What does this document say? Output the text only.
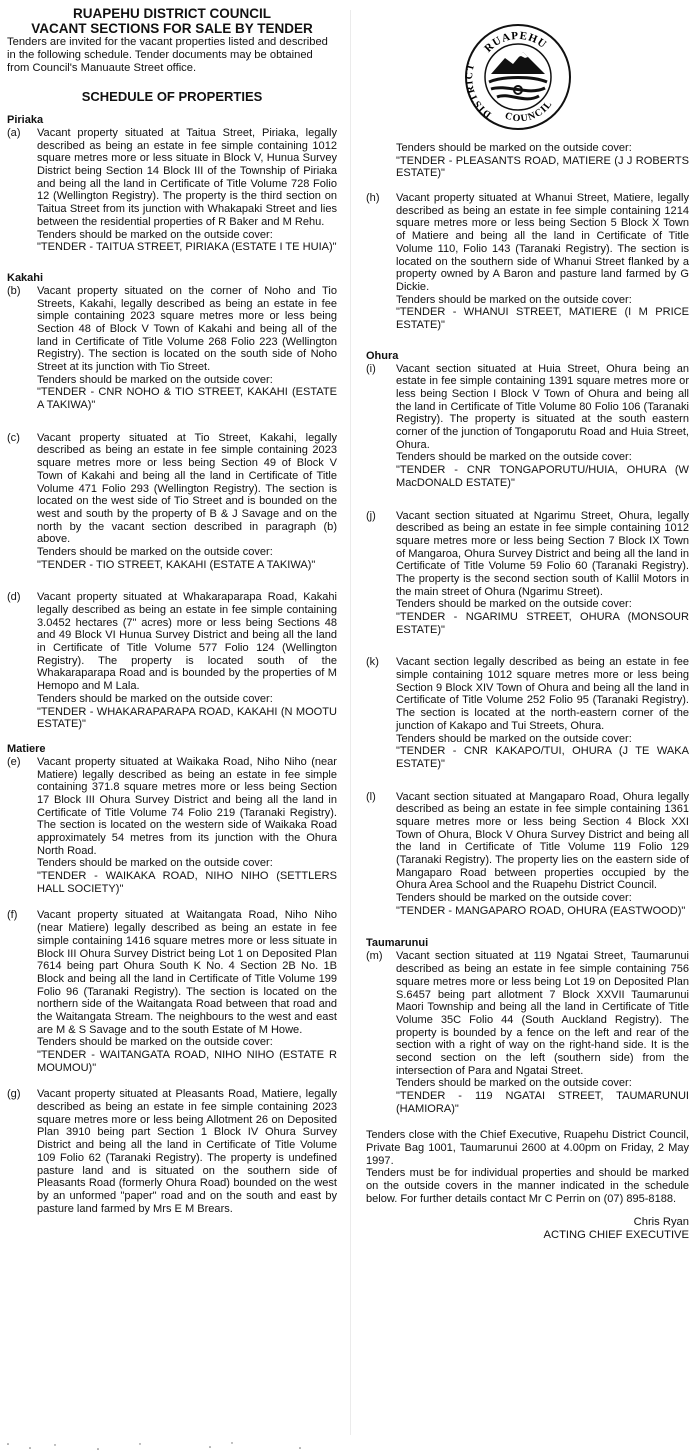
RUAPEHU DISTRICT COUNCIL
VACANT SECTIONS FOR SALE BY TENDER

Tenders are invited for the vacant properties listed and described in the following schedule. Tender documents may be obtained from Council's Manuaute Street office.

SCHEDULE OF PROPERTIES
Piriaka
(a) Vacant property situated at Taitua Street, Piriaka, legally described as being an estate in fee simple containing 1012 square metres more or less situate in Block V, Hunua Survey District being Section 14 Block III of the Township of Piriaka and being all the land in Certificate of Title Volume 728 Folio 12 (Wellington Registry). The property is the third section on Taitua Street from its junction with Whakapaki Street and lies between the residential properties of R Baker and M Rehu.
Tenders should be marked on the outside cover:
"TENDER - TAITUA STREET, PIRIAKA (ESTATE I TE HUIA)"
Kakahi
(b) Vacant property situated on the corner of Noho and Tio Streets, Kakahi, legally described as being an estate in fee simple containing 2023 square metres more or less being Section 48 of Block V Town of Kakahi and being all of the land in Certificate of Title Volume 268 Folio 223 (Wellington Registry). The section is located on the south side of Noho Street at its junction with Tio Street.
Tenders should be marked on the outside cover:
"TENDER - CNR NOHO & TIO STREET, KAKAHI (ESTATE A TAKIWA)"
(c) Vacant property situated at Tio Street, Kakahi, legally described as being an estate in fee simple containing 2023 square metres more or less being Section 49 of Block V Town of Kakahi and being all the land in Certificate of Title Volume 471 Folio 293 (Wellington Registry). The section is located on the west side of Tio Street and is bounded on the west and south by the property of B & J Savage and on the north by the vacant section described in paragraph (b) above.
Tenders should be marked on the outside cover:
"TENDER - TIO STREET, KAKAHI (ESTATE A TAKIWA)"
(d) Vacant property situated at Whakaraparapa Road, Kakahi legally described as being an estate in fee simple containing 3.0452 hectares (7" acres) more or less being Sections 48 and 49 Block VI Hunua Survey District and being all the land in Certificate of Title Volume 577 Folio 124 (Wellington Registry). The property is located south of the Whakaraparapa Road and is bounded by the properties of M Hemopo and M Lala.
Tenders should be marked on the outside cover:
"TENDER - WHAKARAPARAPA ROAD, KAKAHI (N MOOTU ESTATE)"
Matiere
(e) Vacant property situated at Waikaka Road, Niho Niho (near Matiere) legally described as being an estate in fee simple containing 371.8 square metres more or less being Section 17 Block III Ohura Survey District and being all the land in Certificate of Title Volume 74 Folio 219 (Taranaki Registry). The section is located on the western side of Waikaka Road approximately 54 metres from its junction with the Ohura North Road.
Tenders should be marked on the outside cover:
"TENDER - WAIKAKA ROAD, NIHO NIHO (SETTLERS HALL SOCIETY)"
(f) Vacant property situated at Waitangata Road, Niho Niho (near Matiere) legally described as being an estate in fee simple containing 1416 square metres more or less situate in Block III Ohura Survey District being Lot 1 on Deposited Plan 7614 being part Ohura South K No. 4 Section 2B No. 1B Block and being all the land in Certificate of Title Volume 199 Folio 96 (Taranaki Registry). The section is located on the northern side of the Waitangata Road between that road and the Waitangata Stream. The neighbours to the west and east are M & S Savage and to the south Estate of M Howe.
Tenders should be marked on the outside cover:
"TENDER - WAITANGATA ROAD, NIHO NIHO (ESTATE R MOUMOU)"
(g) Vacant property situated at Pleasants Road, Matiere, legally described as being an estate in fee simple containing 2023 square metres more or less being Allotment 26 on Deposited Plan 3910 being part Section 1 Block IV Ohura Survey District and being all the land in Certificate of Title Volume 109 Folio 62 (Taranaki Registry). The property is undefined pasture land and is situated on the southern side of Pleasants Road (formerly Ohura Road) bounded on the west by an unformed "paper" road and on the south and east by pasture land farmed by Mrs E M Brears.
RUAPEHU
DISTRICT
COUNCIL
Tenders should be marked on the outside cover:
"TENDER - PLEASANTS ROAD, MATIERE (J J ROBERTS ESTATE)"
(h) Vacant property situated at Whanui Street, Matiere, legally described as being an estate in fee simple containing 1214 square metres more or less being Section 5 Block X Town of Matiere and being all the land in Certificate of Title Volume 110, Folio 143 (Taranaki Registry). The section is located on the southern side of Whanui Street flanked by a property owned by A Baron and pasture land farmed by G Dickie.
Tenders should be marked on the outside cover:
"TENDER - WHANUI STREET, MATIERE (I M PRICE ESTATE)"
Ohura
(i) Vacant section situated at Huia Street, Ohura being an estate in fee simple containing 1391 square metres more or less being Section I Block V Town of Ohura and being all the land in Certificate of Title Volume 80 Folio 106 (Taranaki Registry). The property is situated at the south eastern corner of the junction of Tongaporutu Road and Huia Street, Ohura.
Tenders should be marked on the outside cover:
"TENDER - CNR TONGAPORUTU/HUIA, OHURA (W MacDONALD ESTATE)"
(j) Vacant section situated at Ngarimu Street, Ohura, legally described as being an estate in fee simple containing 1012 square metres more or less being Section 7 Block IX Town of Mangaroa, Ohura Survey District and being all the land in Certificate of Title Volume 59 Folio 60 (Taranaki Registry). The property is the second section south of Kallil Motors in the main street of Ohura (Ngarimu Street).
Tenders should be marked on the outside cover:
"TENDER - NGARIMU STREET, OHURA (MONSOUR ESTATE)"
(k) Vacant section legally described as being an estate in fee simple containing 1012 square metres more or less being Section 9 Block XIV Town of Ohura and being all the land in Certificate of Title Volume 252 Folio 95 (Taranaki Registry). The section is located at the north-eastern corner of the junction of Kakapo and Tui Streets, Ohura.
Tenders should be marked on the outside cover:
"TENDER - CNR KAKAPO/TUI, OHURA (J TE WAKA ESTATE)"
(l) Vacant section situated at Mangaparo Road, Ohura legally described as being an estate in fee simple containing 1361 square metres more or less being Section 4 Block XXI Town of Ohura, Block V Ohura Survey District and being all the land in Certificate of Title Volume 119 Folio 129 (Taranaki Registry). The property lies on the eastern side of Mangaparo Road between properties occupied by the Ohura Area School and the Ruapehu District Council.
Tenders should be marked on the outside cover:
"TENDER - MANGAPARO ROAD, OHURA (EASTWOOD)"
Taumarunui
(m) Vacant section situated at 119 Ngatai Street, Taumarunui described as being an estate in fee simple containing 756 square metres more or less being Lot 19 on Deposited Plan S.6457 being part allotment 7 Block XXVII Taumarunui Maori Township and being all the land in Certificate of Title Volume 35C Folio 44 (South Auckland Registry). The property is bounded by a fence on the left and rear of the section with a right of way on the right-hand side. It is the second section on the left (southern side) from the intersection of Para and Ngatai Street.
Tenders should be marked on the outside cover:
"TENDER - 119 NGATAI STREET, TAUMARUNUI (HAMIORA)"
Tenders close with the Chief Executive, Ruapehu District Council, Private Bag 1001, Taumarunui 2600 at 4.00pm on Friday, 2 May 1997.
Tenders must be for individual properties and should be marked on the outside covers in the manner indicated in the schedule below. For further details contact Mr C Perrin on (07) 895-8188.
Chris Ryan
ACTING CHIEF EXECUTIVE
